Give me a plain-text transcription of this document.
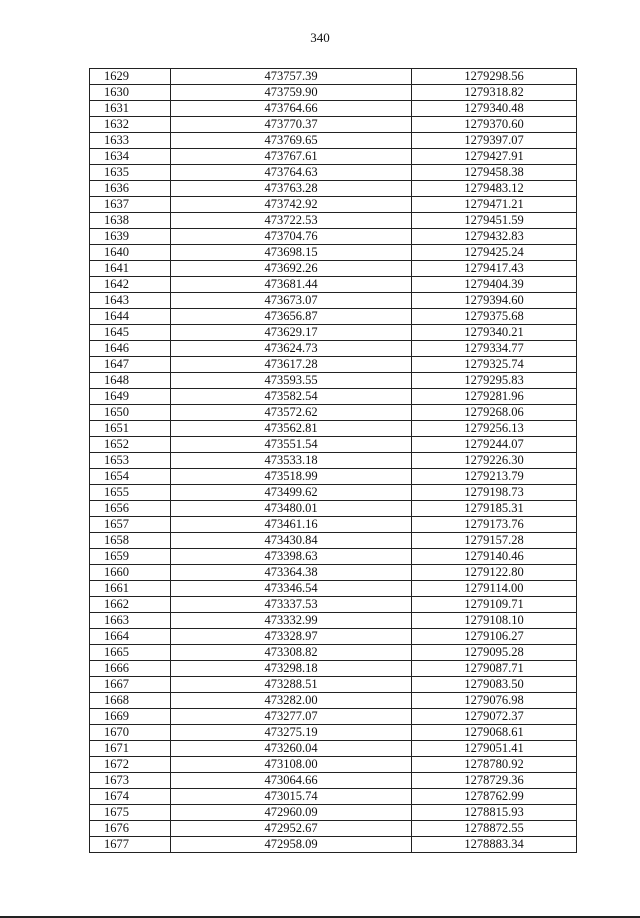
340
1629	473757.39	1279298.56
1630	473759.90	1279318.82
1631	473764.66	1279340.48
1632	473770.37	1279370.60
1633	473769.65	1279397.07
1634	473767.61	1279427.91
1635	473764.63	1279458.38
1636	473763.28	1279483.12
1637	473742.92	1279471.21
1638	473722.53	1279451.59
1639	473704.76	1279432.83
1640	473698.15	1279425.24
1641	473692.26	1279417.43
1642	473681.44	1279404.39
1643	473673.07	1279394.60
1644	473656.87	1279375.68
1645	473629.17	1279340.21
1646	473624.73	1279334.77
1647	473617.28	1279325.74
1648	473593.55	1279295.83
1649	473582.54	1279281.96
1650	473572.62	1279268.06
1651	473562.81	1279256.13
1652	473551.54	1279244.07
1653	473533.18	1279226.30
1654	473518.99	1279213.79
1655	473499.62	1279198.73
1656	473480.01	1279185.31
1657	473461.16	1279173.76
1658	473430.84	1279157.28
1659	473398.63	1279140.46
1660	473364.38	1279122.80
1661	473346.54	1279114.00
1662	473337.53	1279109.71
1663	473332.99	1279108.10
1664	473328.97	1279106.27
1665	473308.82	1279095.28
1666	473298.18	1279087.71
1667	473288.51	1279083.50
1668	473282.00	1279076.98
1669	473277.07	1279072.37
1670	473275.19	1279068.61
1671	473260.04	1279051.41
1672	473108.00	1278780.92
1673	473064.66	1278729.36
1674	473015.74	1278762.99
1675	472960.09	1278815.93
1676	472952.67	1278872.55
1677	472958.09	1278883.34
